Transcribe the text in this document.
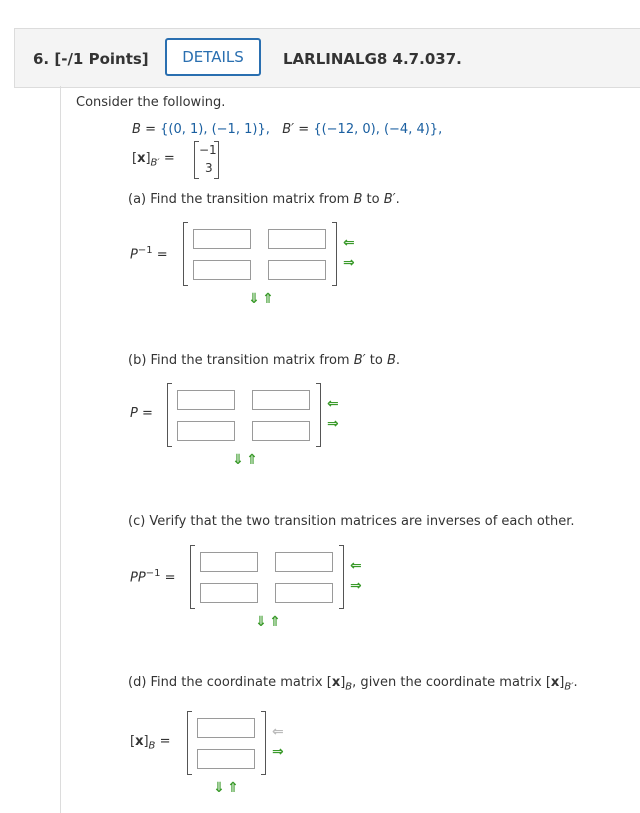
6. [-/1 Points]	DETAILS	LARLINALG8 4.7.037.
Consider the following.
B = {(0, 1), (−1, 1)}, B′ = {(−12, 0), (−4, 4)},
$[x]_{B'}$ =
−1
3
(a) Find the transition matrix from B to B′.
$P^{-1}$ =
⇐
⇒
⇓ ⇑
(b) Find the transition matrix from B′ to B.
P =
⇐
⇒
⇓ ⇑
(c) Verify that the two transition matrices are inverses of each other.
$PP^{-1}$ =
⇐
⇒
⇓ ⇑
(d) Find the coordinate matrix $[x]_B$, given the coordinate matrix $[x]_{B'}$.
$[x]_B$ =
⇐
⇒
⇓ ⇑
